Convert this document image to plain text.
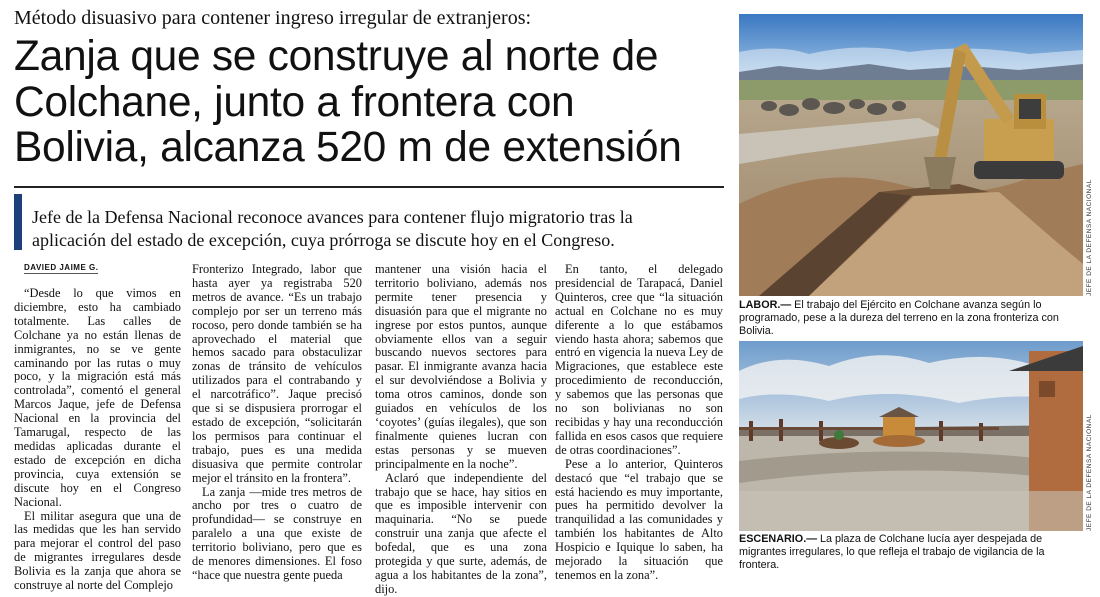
Método disuasivo para contener ingreso irregular de extranjeros:
Zanja que se construye al norte de
Colchane, junto a frontera con
Bolivia, alcanza 520 m de extensión
Jefe de la Defensa Nacional reconoce avances para contener flujo migratorio tras la
aplicación del estado de excepción, cuya prórroga se discute hoy en el Congreso.
DAVIED JAIME G.

“Desde lo que vimos en diciembre, esto ha cambiado totalmente. Las calles de Colchane ya no están llenas de inmigrantes, no se ve gente caminando por las rutas o muy poco, y la migración está más controlada”, comentó el general Marcos Jaque, jefe de Defensa Nacional en la provincia del Tamarugal, respecto de las medidas aplicadas durante el estado de excepción en dicha provincia, cuya extensión se discute hoy en el Congreso Nacional.

El militar asegura que una de las medidas que les han servido para mejorar el control del paso de migrantes irregulares desde Bolivia es la zanja que ahora se construye al norte del Complejo

Fronterizo Integrado, labor que hasta ayer ya registraba 520 metros de avance. “Es un trabajo complejo por ser un terreno más rocoso, pero donde también se ha aprovechado el material que hemos sacado para obstaculizar zonas de tránsito de vehículos utilizados para el contrabando y el narcotráfico”. Jaque precisó que si se dispusiera prorrogar el estado de excepción, “solicitarán los permisos para continuar el trabajo, pues es una medida disuasiva que permite controlar mejor el tránsito en la frontera”.

La zanja —mide tres metros de ancho por tres o cuatro de profundidad— se construye en paralelo a una que existe de territorio boliviano, pero que es de menores dimensiones. El foso “hace que nuestra gente pueda

mantener una visión hacia el territorio boliviano, además nos permite tener presencia y disuasión para que el migrante no ingrese por estos puntos, aunque obviamente ellos van a seguir buscando nuevos sectores para pasar. El inmigrante avanza hacia el sur devolviéndose a Bolivia y toma otros caminos, donde son guiados en vehículos de los ‘coyotes’ (guías ilegales), que son finalmente quienes lucran con estas personas y se mueven principalmente en la noche”.

Aclaró que independiente del trabajo que se hace, hay sitios en que es imposible intervenir con maquinaria. “No se puede construir una zanja que afecte el bofedal, que es una zona protegida y que surte, además, de agua a los habitantes de la zona”, dijo.

En tanto, el delegado presidencial de Tarapacá, Daniel Quinteros, cree que “la situación actual en Colchane no es muy diferente a lo que estábamos viendo hasta ahora; sabemos que entró en vigencia la nueva Ley de Migraciones, que establece este procedimiento de reconducción, y sabemos que las personas que no son bolivianas no son recibidas y hay una reconducción fallida en esos casos que requiere de otras coordinaciones”.

Pese a lo anterior, Quinteros destacó que “el trabajo que se está haciendo es muy importante, pues ha permitido devolver la tranquilidad a las comunidades y también los habitantes de Alto Hospicio e Iquique lo saben, ha mejorado la situación que tenemos en la zona”.

JEFE DE LA DEFENSA NACIONAL
LABOR.— El trabajo del Ejército en Colchane avanza según lo programado, pese a la dureza del terreno en la zona fronteriza con Bolivia.
JEFE DE LA DEFENSA NACIONAL
ESCENARIO.— La plaza de Colchane lucía ayer despejada de migrantes irregulares, lo que refleja el trabajo de vigilancia de la frontera.
